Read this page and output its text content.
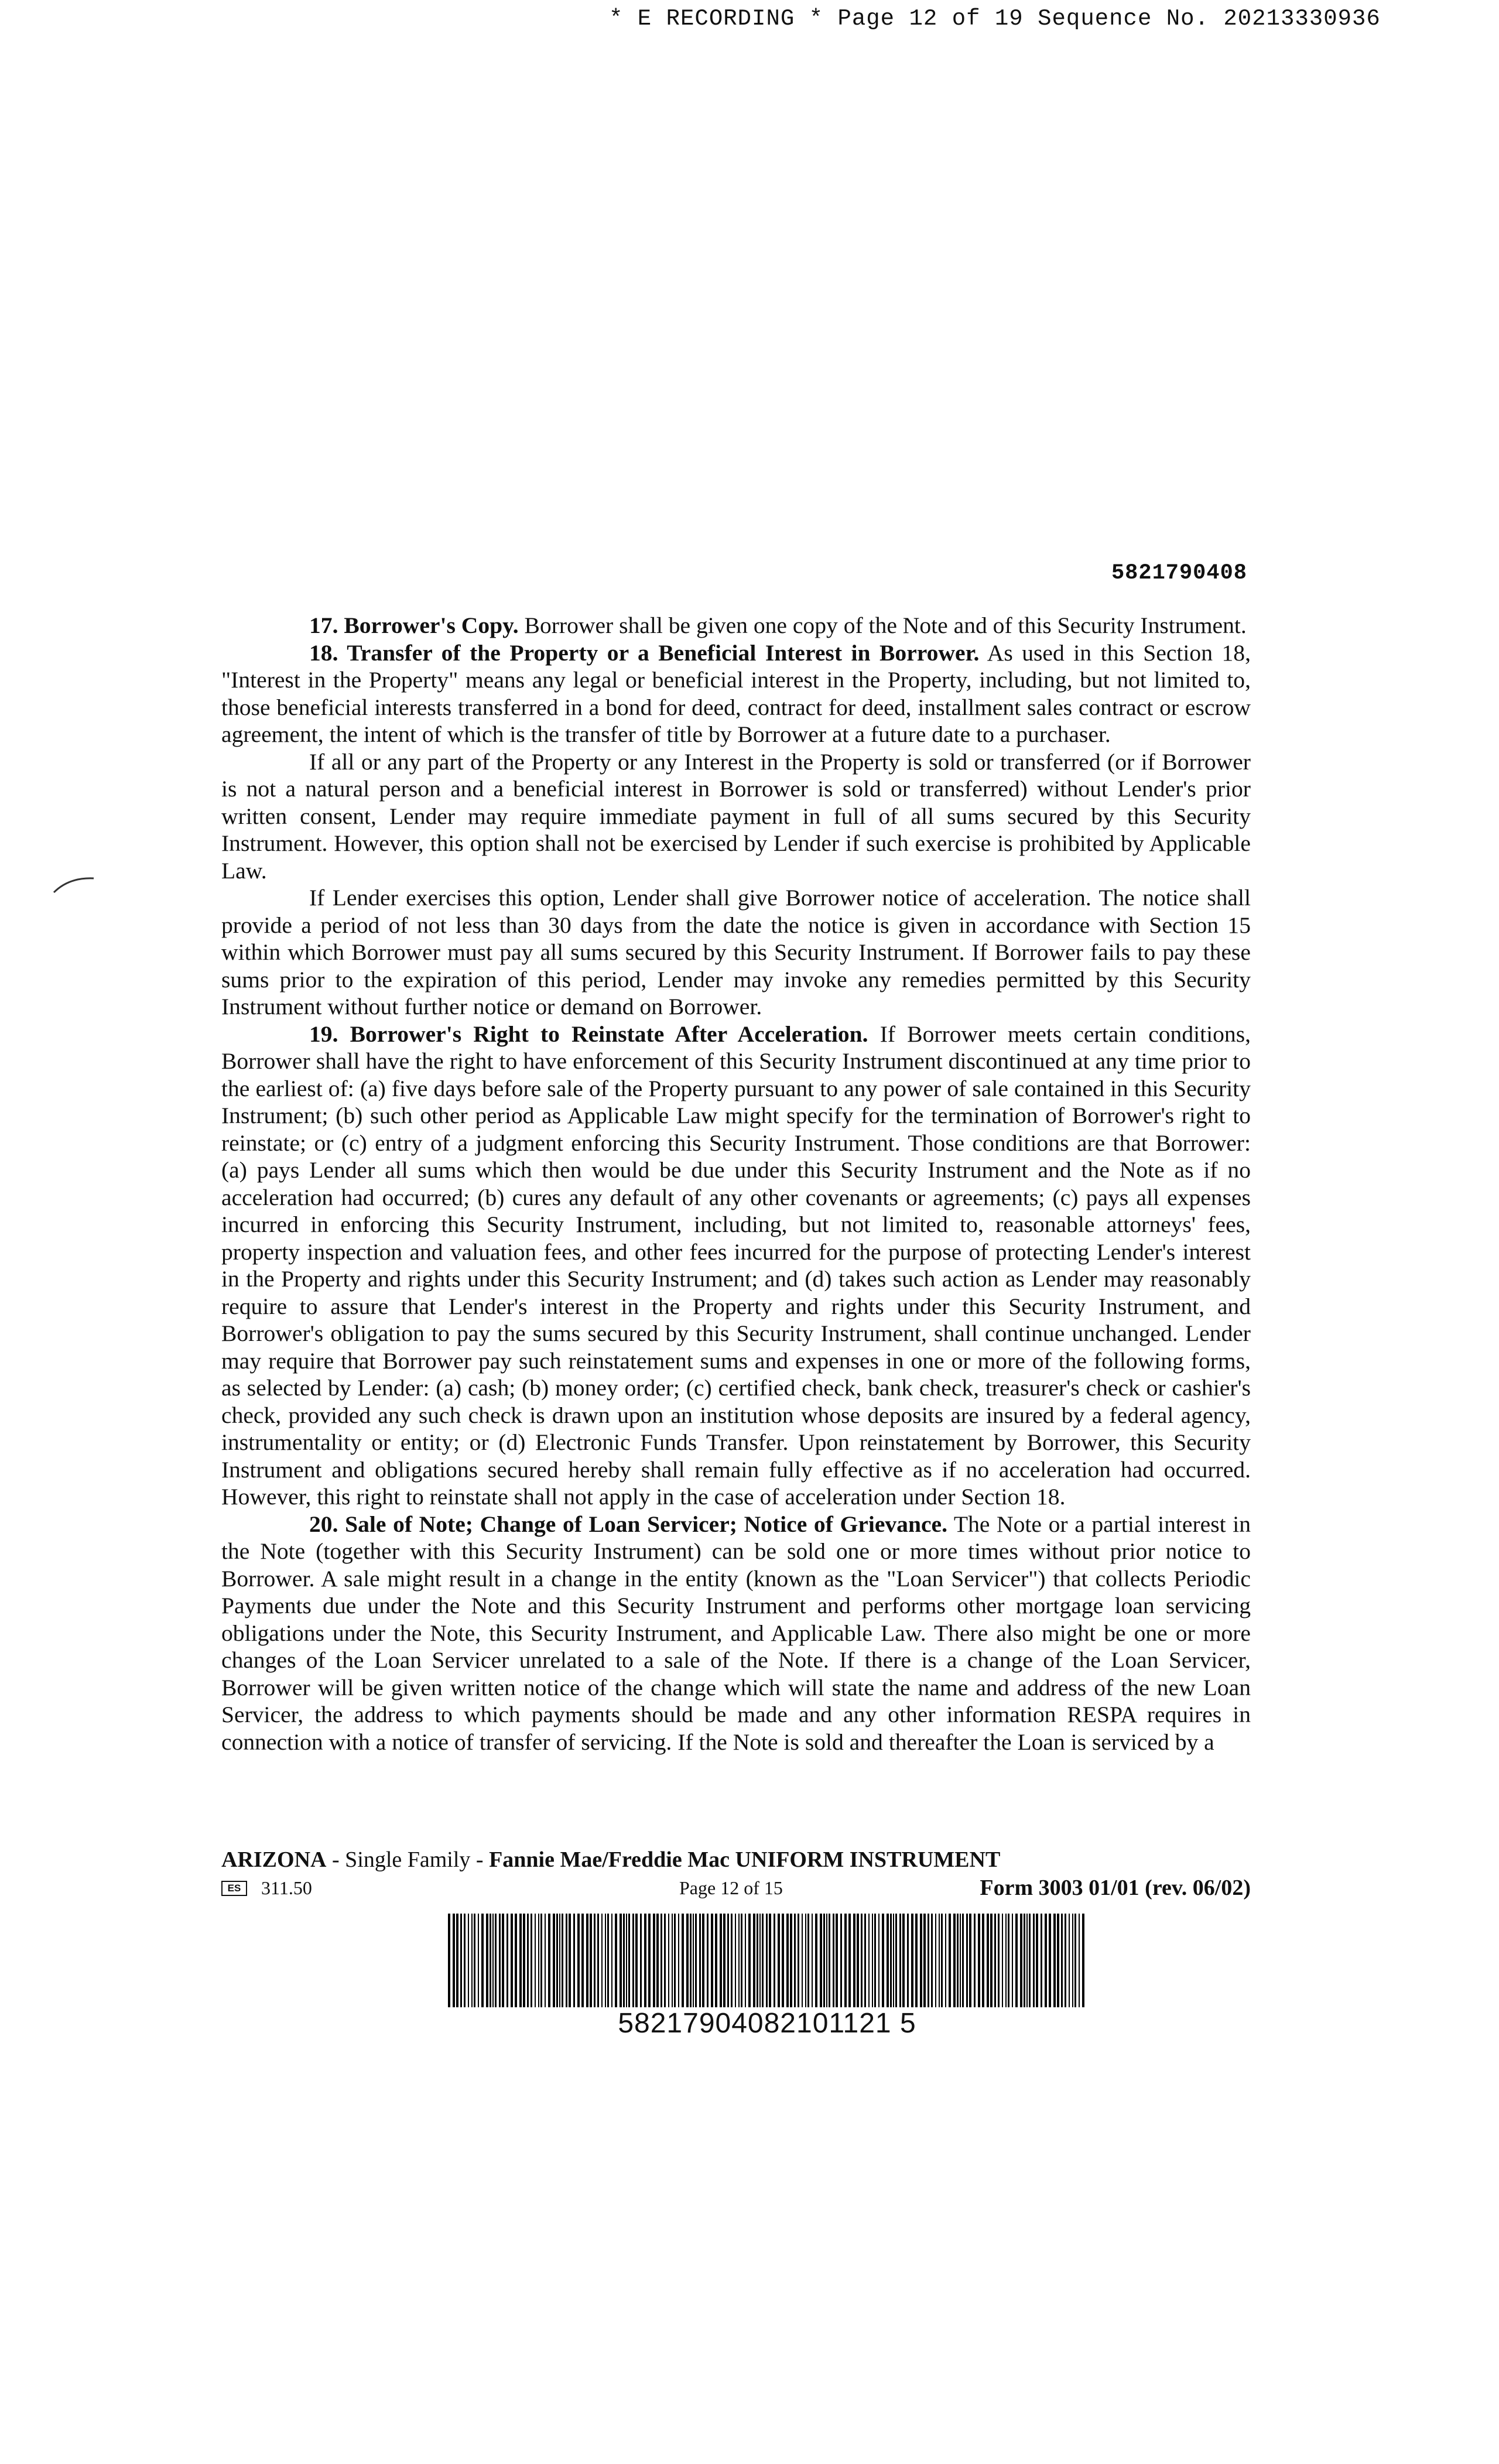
* E RECORDING * Page 12 of 19 Sequence No. 20213330936
5821790408

17. Borrower's Copy. Borrower shall be given one copy of the Note and of this Security Instrument.

18. Transfer of the Property or a Beneficial Interest in Borrower. As used in this Section 18, "Interest in the Property" means any legal or beneficial interest in the Property, including, but not limited to, those beneficial interests transferred in a bond for deed, contract for deed, installment sales contract or escrow agreement, the intent of which is the transfer of title by Borrower at a future date to a purchaser.

If all or any part of the Property or any Interest in the Property is sold or transferred (or if Borrower is not a natural person and a beneficial interest in Borrower is sold or transferred) without Lender's prior written consent, Lender may require immediate payment in full of all sums secured by this Security Instrument. However, this option shall not be exercised by Lender if such exercise is prohibited by Applicable Law.

If Lender exercises this option, Lender shall give Borrower notice of acceleration. The notice shall provide a period of not less than 30 days from the date the notice is given in accordance with Section 15 within which Borrower must pay all sums secured by this Security Instrument. If Borrower fails to pay these sums prior to the expiration of this period, Lender may invoke any remedies permitted by this Security Instrument without further notice or demand on Borrower.

19. Borrower's Right to Reinstate After Acceleration. If Borrower meets certain conditions, Borrower shall have the right to have enforcement of this Security Instrument discontinued at any time prior to the earliest of: (a) five days before sale of the Property pursuant to any power of sale contained in this Security Instrument; (b) such other period as Applicable Law might specify for the termination of Borrower's right to reinstate; or (c) entry of a judgment enforcing this Security Instrument. Those conditions are that Borrower: (a) pays Lender all sums which then would be due under this Security Instrument and the Note as if no acceleration had occurred; (b) cures any default of any other covenants or agreements; (c) pays all expenses incurred in enforcing this Security Instrument, including, but not limited to, reasonable attorneys' fees, property inspection and valuation fees, and other fees incurred for the purpose of protecting Lender's interest in the Property and rights under this Security Instrument; and (d) takes such action as Lender may reasonably require to assure that Lender's interest in the Property and rights under this Security Instrument, and Borrower's obligation to pay the sums secured by this Security Instrument, shall continue unchanged. Lender may require that Borrower pay such reinstatement sums and expenses in one or more of the following forms, as selected by Lender: (a) cash; (b) money order; (c) certified check, bank check, treasurer's check or cashier's check, provided any such check is drawn upon an institution whose deposits are insured by a federal agency, instrumentality or entity; or (d) Electronic Funds Transfer. Upon reinstatement by Borrower, this Security Instrument and obligations secured hereby shall remain fully effective as if no acceleration had occurred. However, this right to reinstate shall not apply in the case of acceleration under Section 18.

20. Sale of Note; Change of Loan Servicer; Notice of Grievance. The Note or a partial interest in the Note (together with this Security Instrument) can be sold one or more times without prior notice to Borrower. A sale might result in a change in the entity (known as the "Loan Servicer") that collects Periodic Payments due under the Note and this Security Instrument and performs other mortgage loan servicing obligations under the Note, this Security Instrument, and Applicable Law. There also might be one or more changes of the Loan Servicer unrelated to a sale of the Note. If there is a change of the Loan Servicer, Borrower will be given written notice of the change which will state the name and address of the new Loan Servicer, the address to which payments should be made and any other information RESPA requires in connection with a notice of transfer of servicing. If the Note is sold and thereafter the Loan is serviced by a

ARIZONA - Single Family - Fannie Mae/Freddie Mac UNIFORM INSTRUMENT
ES	311.50	Page 12 of 15	Form 3003 01/01 (rev. 06/02)
58217904082101121 5
